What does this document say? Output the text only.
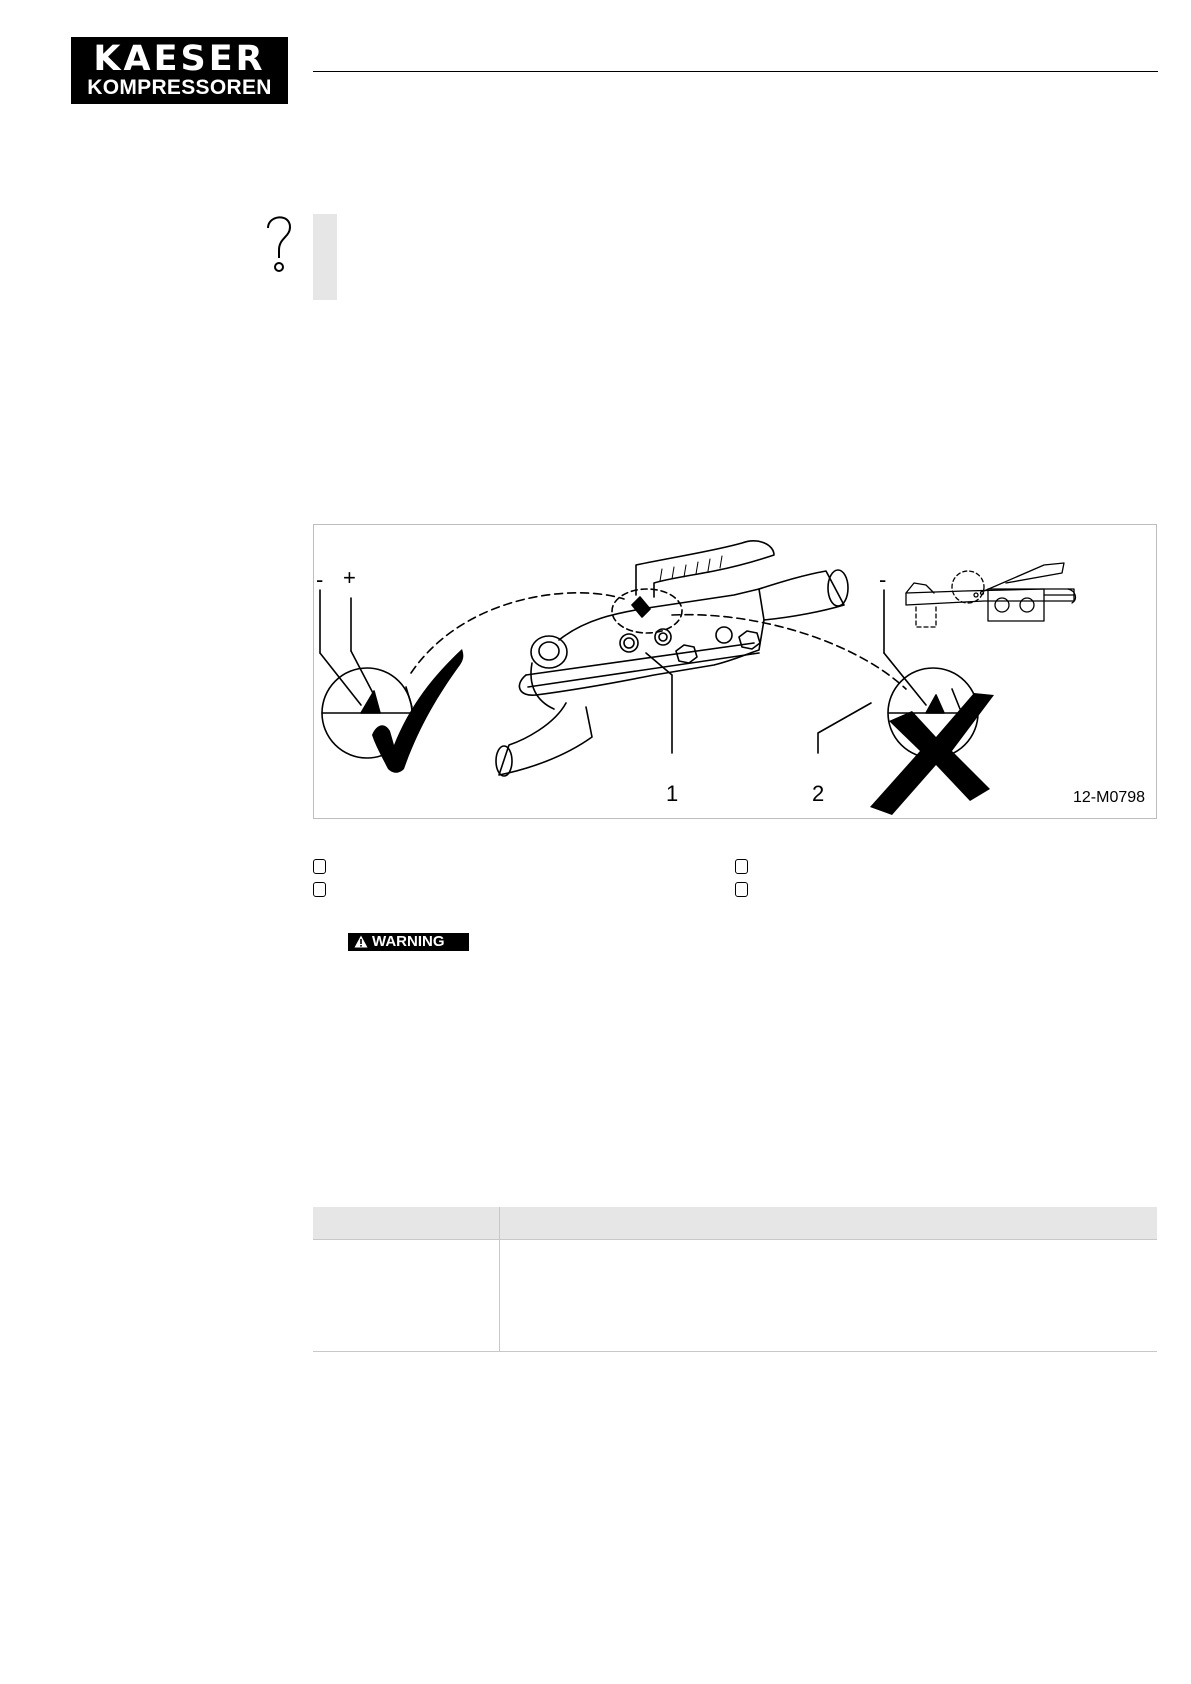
KAESER
KOMPRESSOREN
- +	-
1	2	12-M0798
WARNING
